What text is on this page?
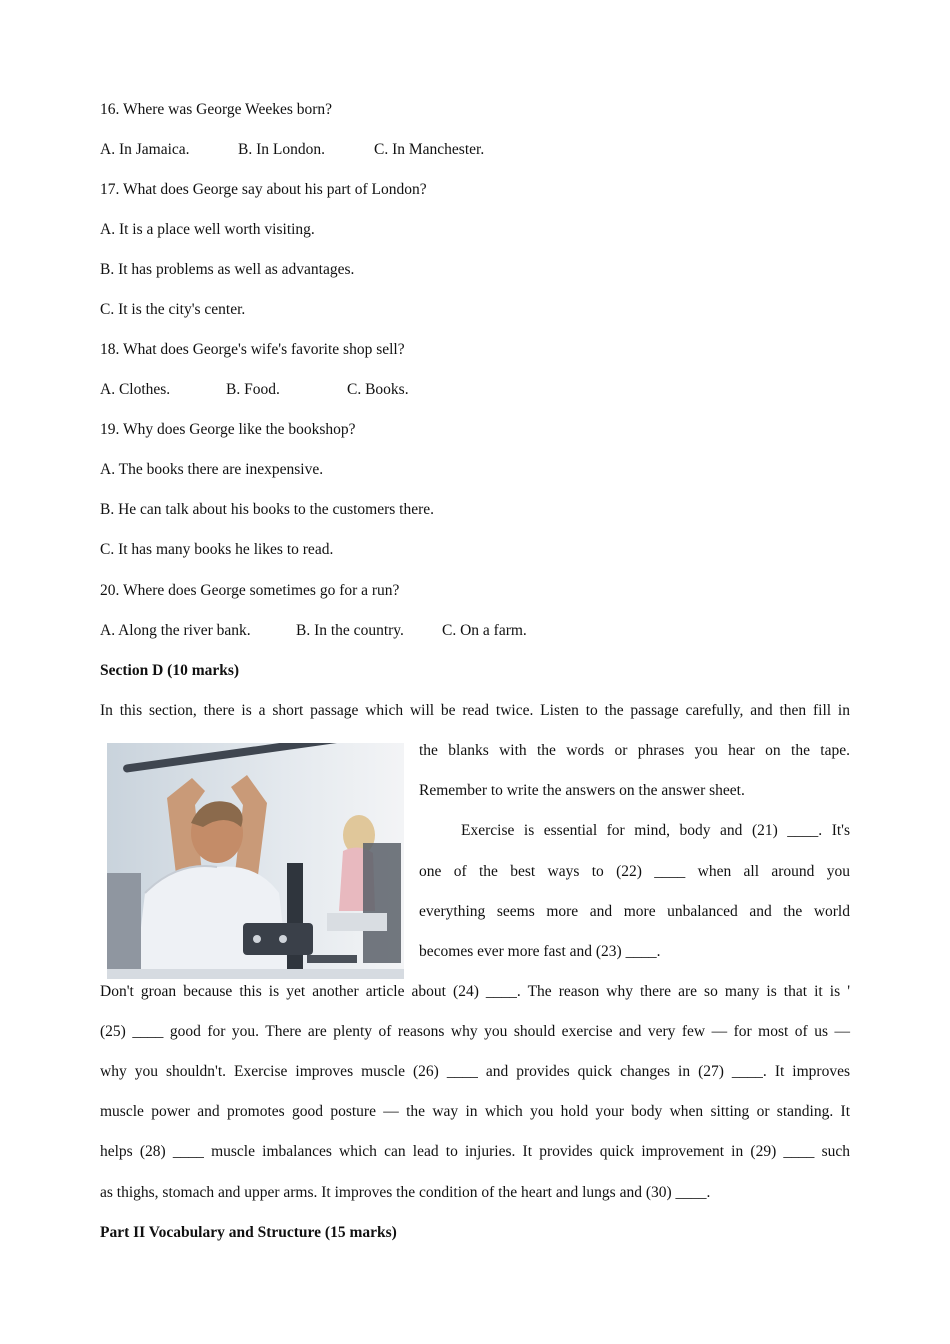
16. Where was George Weekes born?
A. In Jamaica.	B. In London.	C. In Manchester.
17. What does George say about his part of London?
A. It is a place well worth visiting.
B. It has problems as well as advantages.
C. It is the city's center.
18. What does George's wife's favorite shop sell?
A. Clothes.	B. Food.	C. Books.
19. Why does George like the bookshop?
A. The books there are inexpensive.
B. He can talk about his books to the customers there.
C. It has many books he likes to read.
20. Where does George sometimes go for a run?
A. Along the river bank.	B. In the country. C. On a farm.
Section D (10 marks)
In this section, there is a short passage which will be read twice. Listen to the passage carefully, and then fill in
the blanks with the words or phrases you hear on the tape.
Remember to write the answers on the answer sheet.
Exercise is essential for mind, body and (21) ____. It's
one of the best ways to (22) ____ when all around you
everything seems more and more unbalanced and the world
becomes ever more fast and (23) ____.
Don't groan because this is yet another article about (24) ____. The reason why there are so many is that it is '
(25) ____ good for you. There are plenty of reasons why you should exercise and very few — for most of us —
why you shouldn't. Exercise improves muscle (26) ____ and provides quick changes in (27) ____. It improves
muscle power and promotes good posture — the way in which you hold your body when sitting or standing. It
helps (28) ____ muscle imbalances which can lead to injuries. It provides quick improvement in (29) ____ such
as thighs, stomach and upper arms. It improves the condition of the heart and lungs and (30) ____.
Part II Vocabulary and Structure (15 marks)
